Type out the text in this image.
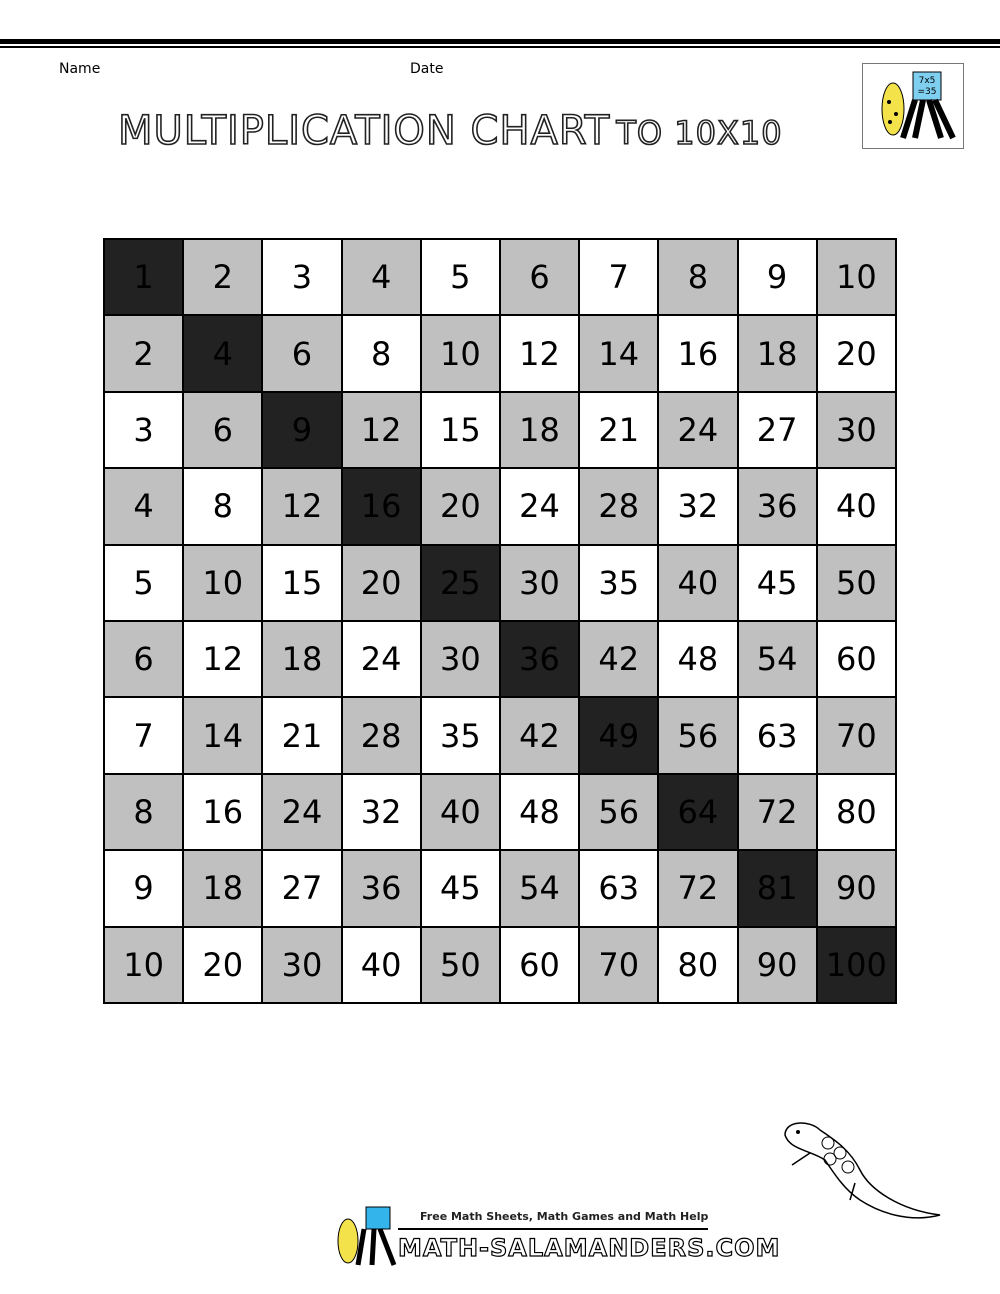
Name	Date
MULTIPLICATION CHART TO 10X10
7x5
=35
1	2	3	4	5	6	7	8	9	10
2	4	6	8	10	12	14	16	18	20
3	6	9	12	15	18	21	24	27	30
4	8	12	16	20	24	28	32	36	40
5	10	15	20	25	30	35	40	45	50
6	12	18	24	30	36	42	48	54	60
7	14	21	28	35	42	49	56	63	70
8	16	24	32	40	48	56	64	72	80
9	18	27	36	45	54	63	72	81	90
10	20	30	40	50	60	70	80	90	100
Free Math Sheets, Math Games and Math Help
MATH-SALAMANDERS.COM
